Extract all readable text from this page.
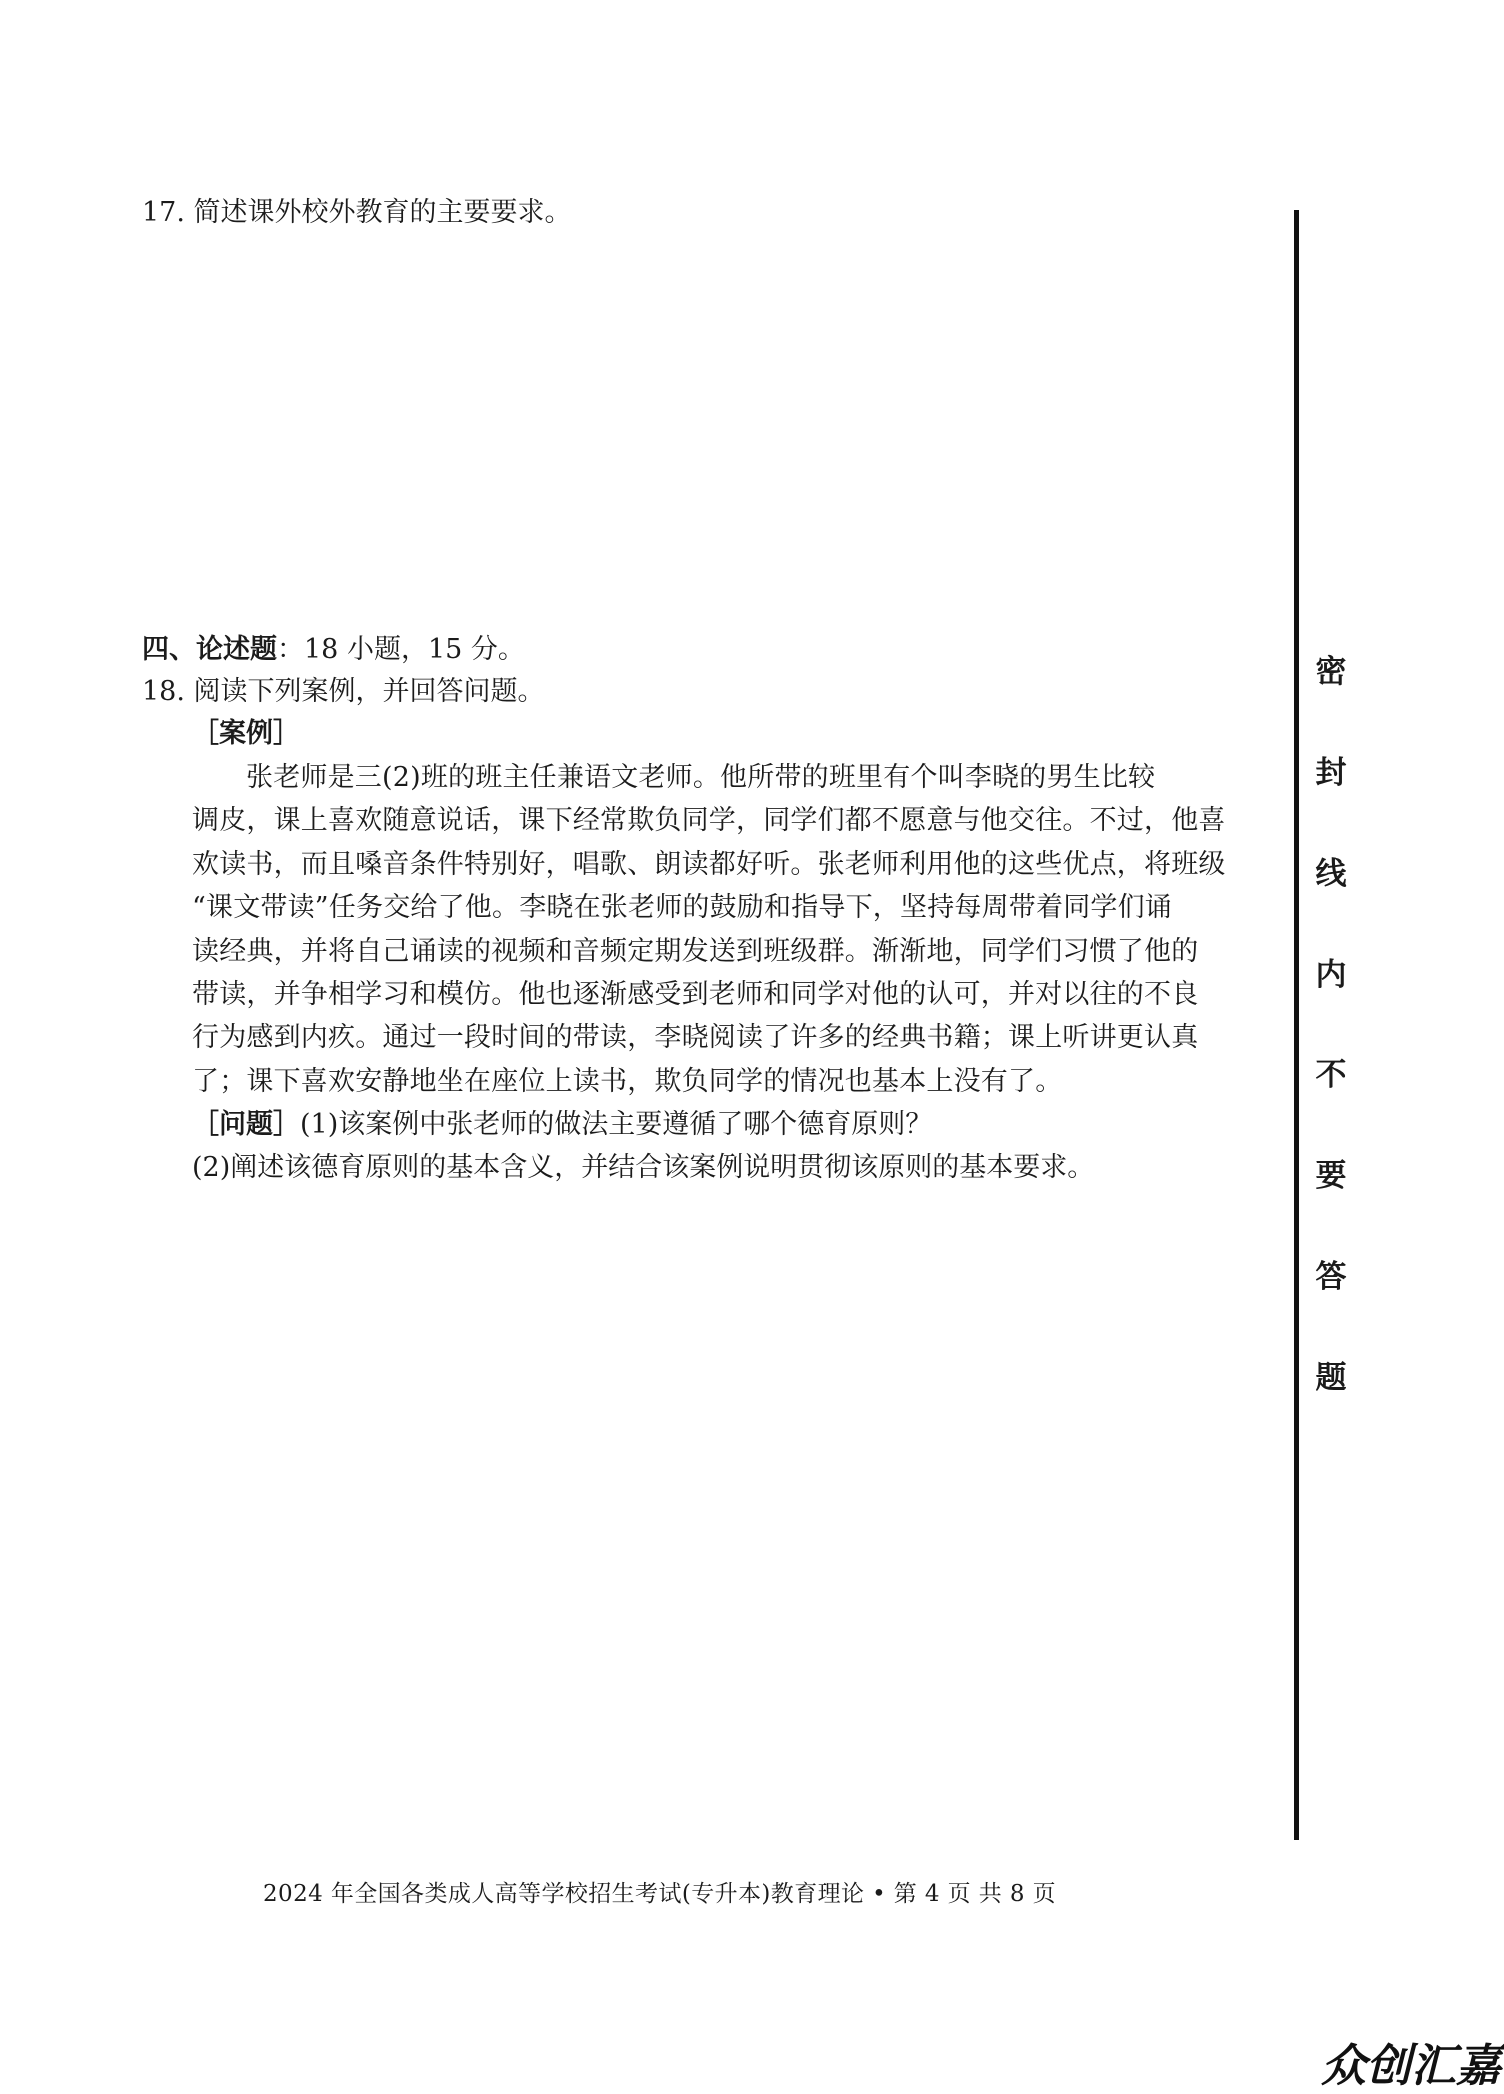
17. 简述课外校外教育的主要要求。
四、论述题：18 小题，15 分。
18. 阅读下列案例，并回答问题。
［案例］
张老师是三(2)班的班主任兼语文老师。他所带的班里有个叫李晓的男生比较
调皮，课上喜欢随意说话，课下经常欺负同学，同学们都不愿意与他交往。不过，他喜
欢读书，而且嗓音条件特别好，唱歌、朗读都好听。张老师利用他的这些优点，将班级
“课文带读”任务交给了他。李晓在张老师的鼓励和指导下，坚持每周带着同学们诵
读经典，并将自己诵读的视频和音频定期发送到班级群。渐渐地，同学们习惯了他的
带读，并争相学习和模仿。他也逐渐感受到老师和同学对他的认可，并对以往的不良
行为感到内疚。通过一段时间的带读，李晓阅读了许多的经典书籍；课上听讲更认真
了；课下喜欢安静地坐在座位上读书，欺负同学的情况也基本上没有了。
［问题］(1)该案例中张老师的做法主要遵循了哪个德育原则？
(2)阐述该德育原则的基本含义，并结合该案例说明贯彻该原则的基本要求。
密
封
线
内
不
要
答
题
2024 年全国各类成人高等学校招生考试(专升本)教育理论 • 第 4 页 共 8 页
众创汇嘉
